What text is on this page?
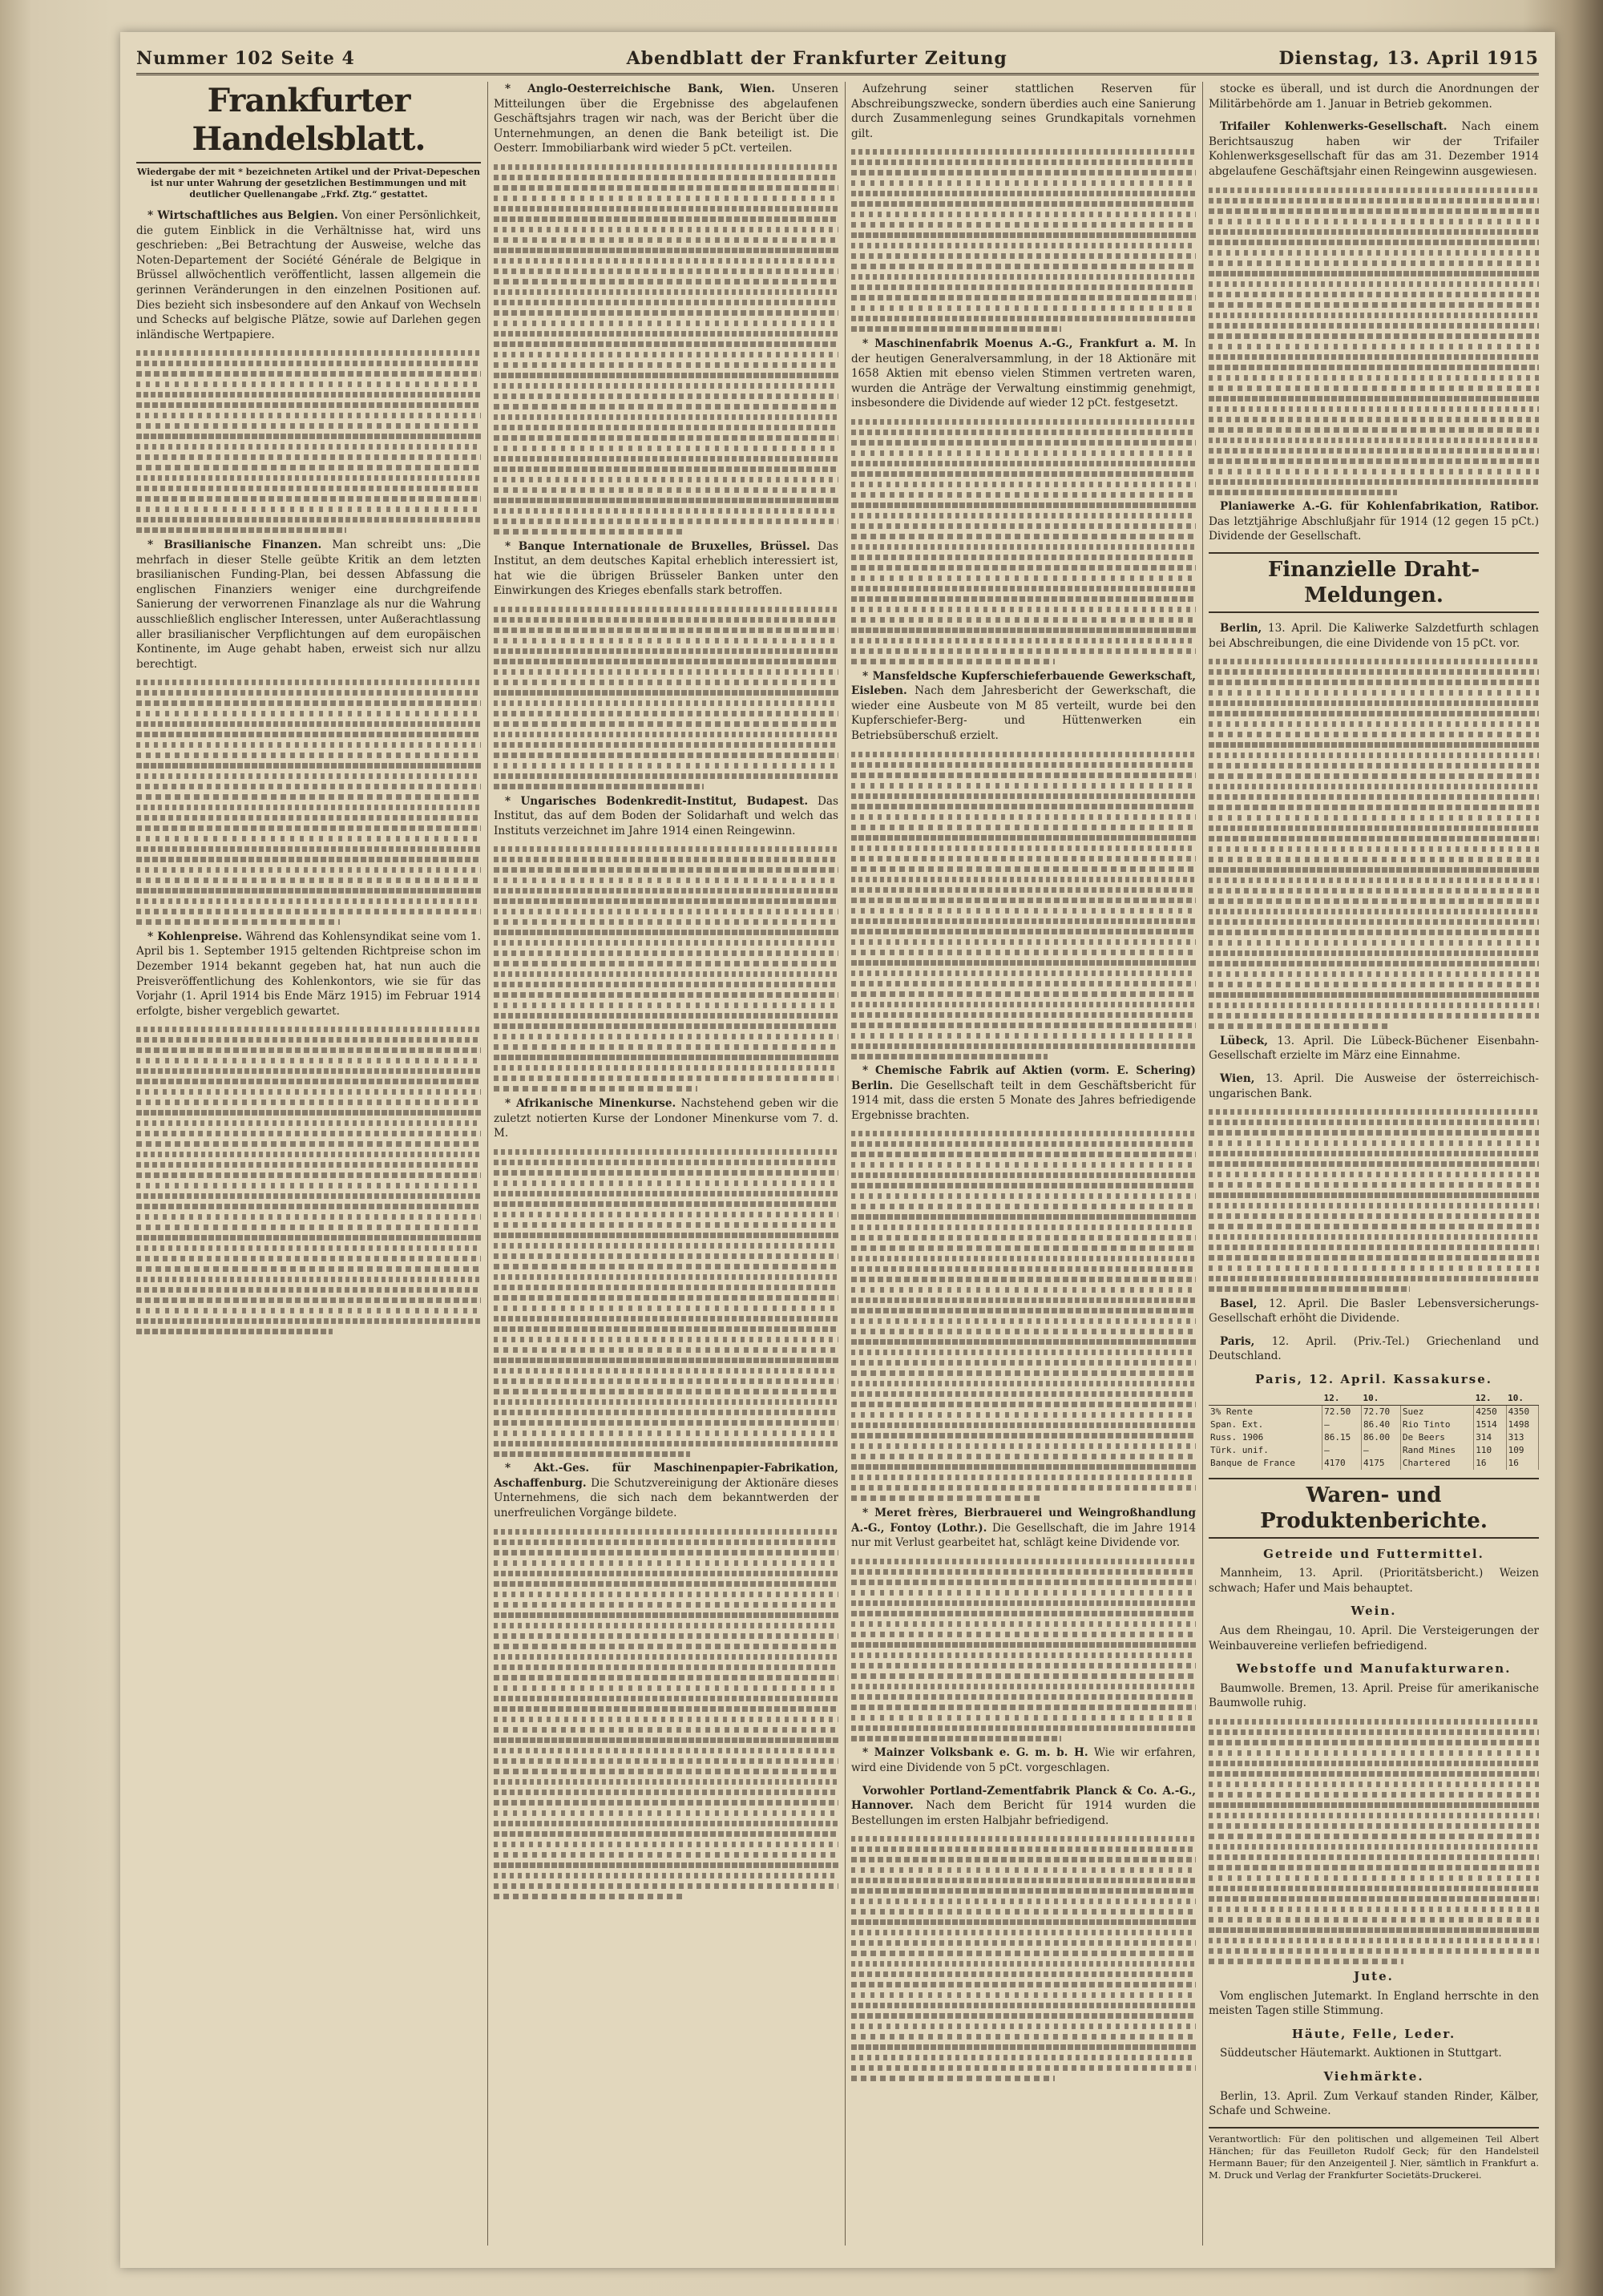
Nummer 102 Seite 4	Abendblatt der Frankfurter Zeitung	Dienstag, 13. April 1915
Frankfurter Handelsblatt.
Wiedergabe der mit * bezeichneten Artikel und der Privat-Depeschen ist nur unter Wahrung der gesetzlichen Bestimmungen und mit deutlicher Quellenangabe „Frkf. Ztg.“ gestattet.
* Wirtschaftliches aus Belgien. Von einer Persönlichkeit, die gutem Einblick in die Verhältnisse hat, wird uns geschrieben: „Bei Betrachtung der Ausweise, welche das Noten-Departement der Société Générale de Belgique in Brüssel allwöchentlich veröffentlicht, lassen allgemein die gerinnen Veränderungen in den einzelnen Positionen auf. Dies bezieht sich insbesondere auf den Ankauf von Wechseln und Schecks auf belgische Plätze, sowie auf Darlehen gegen inländische Wertpapiere.
* Brasilianische Finanzen. Man schreibt uns: „Die mehrfach in dieser Stelle geübte Kritik an dem letzten brasilianischen Funding-Plan, bei dessen Abfassung die englischen Finanziers weniger eine durchgreifende Sanierung der verworrenen Finanzlage als nur die Wahrung ausschließlich englischer Interessen, unter Außerachtlassung aller brasilianischer Verpflichtungen auf dem europäischen Kontinente, im Auge gehabt haben, erweist sich nur allzu berechtigt.
* Kohlenpreise. Während das Kohlensyndikat seine vom 1. April bis 1. September 1915 geltenden Richtpreise schon im Dezember 1914 bekannt gegeben hat, hat nun auch die Preisveröffentlichung des Kohlenkontors, wie sie für das Vorjahr (1. April 1914 bis Ende März 1915) im Februar 1914 erfolgte, bisher vergeblich gewartet.
* Anglo-Oesterreichische Bank, Wien. Unseren Mitteilungen über die Ergebnisse des abgelaufenen Geschäftsjahrs tragen wir nach, was der Bericht über die Unternehmungen, an denen die Bank beteiligt ist. Die Oesterr. Immobiliarbank wird wieder 5 pCt. verteilen.
* Banque Internationale de Bruxelles, Brüssel. Das Institut, an dem deutsches Kapital erheblich interessiert ist, hat wie die übrigen Brüsseler Banken unter den Einwirkungen des Krieges ebenfalls stark betroffen.
* Ungarisches Bodenkredit-Institut, Budapest. Das Institut, das auf dem Boden der Solidarhaft und welch das Instituts verzeichnet im Jahre 1914 einen Reingewinn.
* Afrikanische Minenkurse. Nachstehend geben wir die zuletzt notierten Kurse der Londoner Minenkurse vom 7. d. M.
* Akt.-Ges. für Maschinenpapier-Fabrikation, Aschaffenburg. Die Schutzvereinigung der Aktionäre dieses Unternehmens, die sich nach dem bekanntwerden der unerfreulichen Vorgänge bildete.
Aufzehrung seiner stattlichen Reserven für Abschreibungszwecke, sondern überdies auch eine Sanierung durch Zusammenlegung seines Grundkapitals vornehmen gilt.
* Maschinenfabrik Moenus A.-G., Frankfurt a. M. In der heutigen Generalversammlung, in der 18 Aktionäre mit 1658 Aktien mit ebenso vielen Stimmen vertreten waren, wurden die Anträge der Verwaltung einstimmig genehmigt, insbesondere die Dividende auf wieder 12 pCt. festgesetzt.
* Mansfeldsche Kupferschieferbauende Gewerkschaft, Eisleben. Nach dem Jahresbericht der Gewerkschaft, die wieder eine Ausbeute von M 85 verteilt, wurde bei den Kupferschiefer-Berg- und Hüttenwerken ein Betriebsüberschuß erzielt.
* Chemische Fabrik auf Aktien (vorm. E. Schering) Berlin. Die Gesellschaft teilt in dem Geschäftsbericht für 1914 mit, dass die ersten 5 Monate des Jahres befriedigende Ergebnisse brachten.
* Meret frères, Bierbrauerei und Weingroßhandlung A.-G., Fontoy (Lothr.). Die Gesellschaft, die im Jahre 1914 nur mit Verlust gearbeitet hat, schlägt keine Dividende vor.
* Mainzer Volksbank e. G. m. b. H. Wie wir erfahren, wird eine Dividende von 5 pCt. vorgeschlagen.
Vorwohler Portland-Zementfabrik Planck & Co. A.-G., Hannover. Nach dem Bericht für 1914 wurden die Bestellungen im ersten Halbjahr befriedigend.
stocke es überall, und ist durch die Anordnungen der Militärbehörde am 1. Januar in Betrieb gekommen.
Trifailer Kohlenwerks-Gesellschaft. Nach einem Berichtsauszug haben wir der Trifailer Kohlenwerksgesellschaft für das am 31. Dezember 1914 abgelaufene Geschäftsjahr einen Reingewinn ausgewiesen.
Planiawerke A.-G. für Kohlenfabrikation, Ratibor. Das letztjährige Abschlußjahr für 1914 (12 gegen 15 pCt.) Dividende der Gesellschaft.
Finanzielle Draht-Meldungen.
Berlin, 13. April. Die Kaliwerke Salzdetfurth schlagen bei Abschreibungen, die eine Dividende von 15 pCt. vor.
Lübeck, 13. April. Die Lübeck-Büchener Eisenbahn-Gesellschaft erzielte im März eine Einnahme.
Wien, 13. April. Die Ausweise der österreichisch-ungarischen Bank.
Basel, 12. April. Die Basler Lebensversicherungs-Gesellschaft erhöht die Dividende.
Paris, 12. April. (Priv.-Tel.) Griechenland und Deutschland.
Paris, 12. April. Kassakurse.
	12.	10.		12.	10.
3% Rente	72.50	72.70	Suez	4250	4350
Span. Ext.	—	86.40	Rio Tinto	1514	1498
Russ. 1906	86.15	86.00	De Beers	314	313
Türk. unif.	—	—	Rand Mines	110	109
Banque de France	4170	4175	Chartered	16	16
Waren- und Produktenberichte.
Getreide und Futtermittel.
Mannheim, 13. April. (Prioritätsbericht.) Weizen schwach; Hafer und Mais behauptet.
Wein.
Aus dem Rheingau, 10. April. Die Versteigerungen der Weinbauvereine verliefen befriedigend.
Webstoffe und Manufakturwaren.
Baumwolle. Bremen, 13. April. Preise für amerikanische Baumwolle ruhig.
Jute.
Vom englischen Jutemarkt. In England herrschte in den meisten Tagen stille Stimmung.
Häute, Felle, Leder.
Süddeutscher Häutemarkt. Auktionen in Stuttgart.
Viehmärkte.
Berlin, 13. April. Zum Verkauf standen Rinder, Kälber, Schafe und Schweine.
Verantwortlich: Für den politischen und allgemeinen Teil Albert Hänchen; für das Feuilleton Rudolf Geck; für den Handelsteil Hermann Bauer; für den Anzeigenteil J. Nier, sämtlich in Frankfurt a. M. Druck und Verlag der Frankfurter Societäts-Druckerei.
